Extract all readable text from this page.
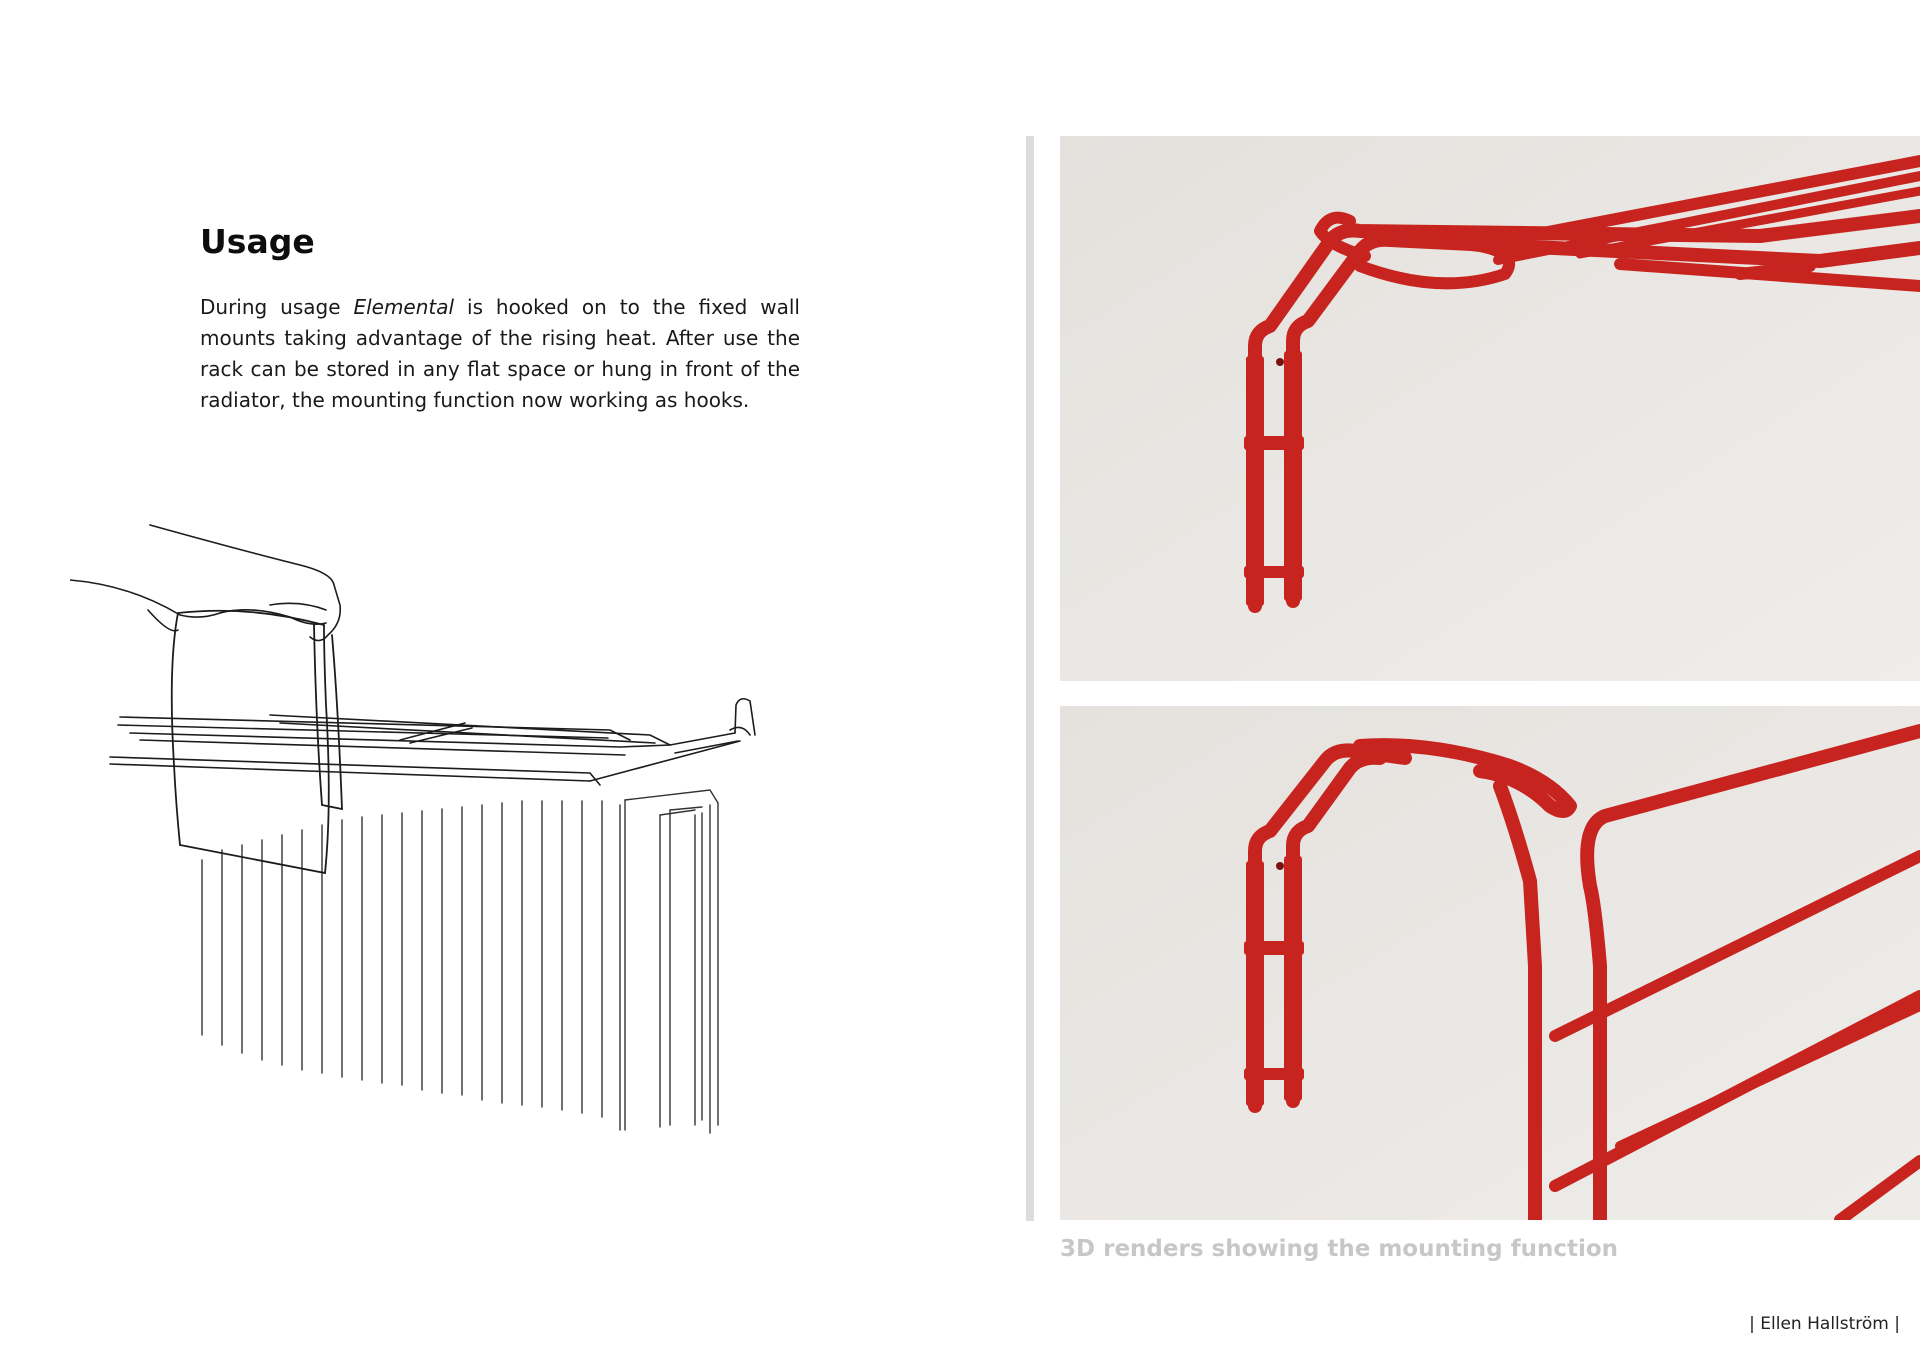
Usage

During usage Elemental is hooked on to the fixed wall mounts taking advantage of the rising heat. After use the rack can be stored in any flat space or hung in front of the radiator, the mounting function now working as hooks.

3D renders showing the mounting function

| Ellen Hallström |
